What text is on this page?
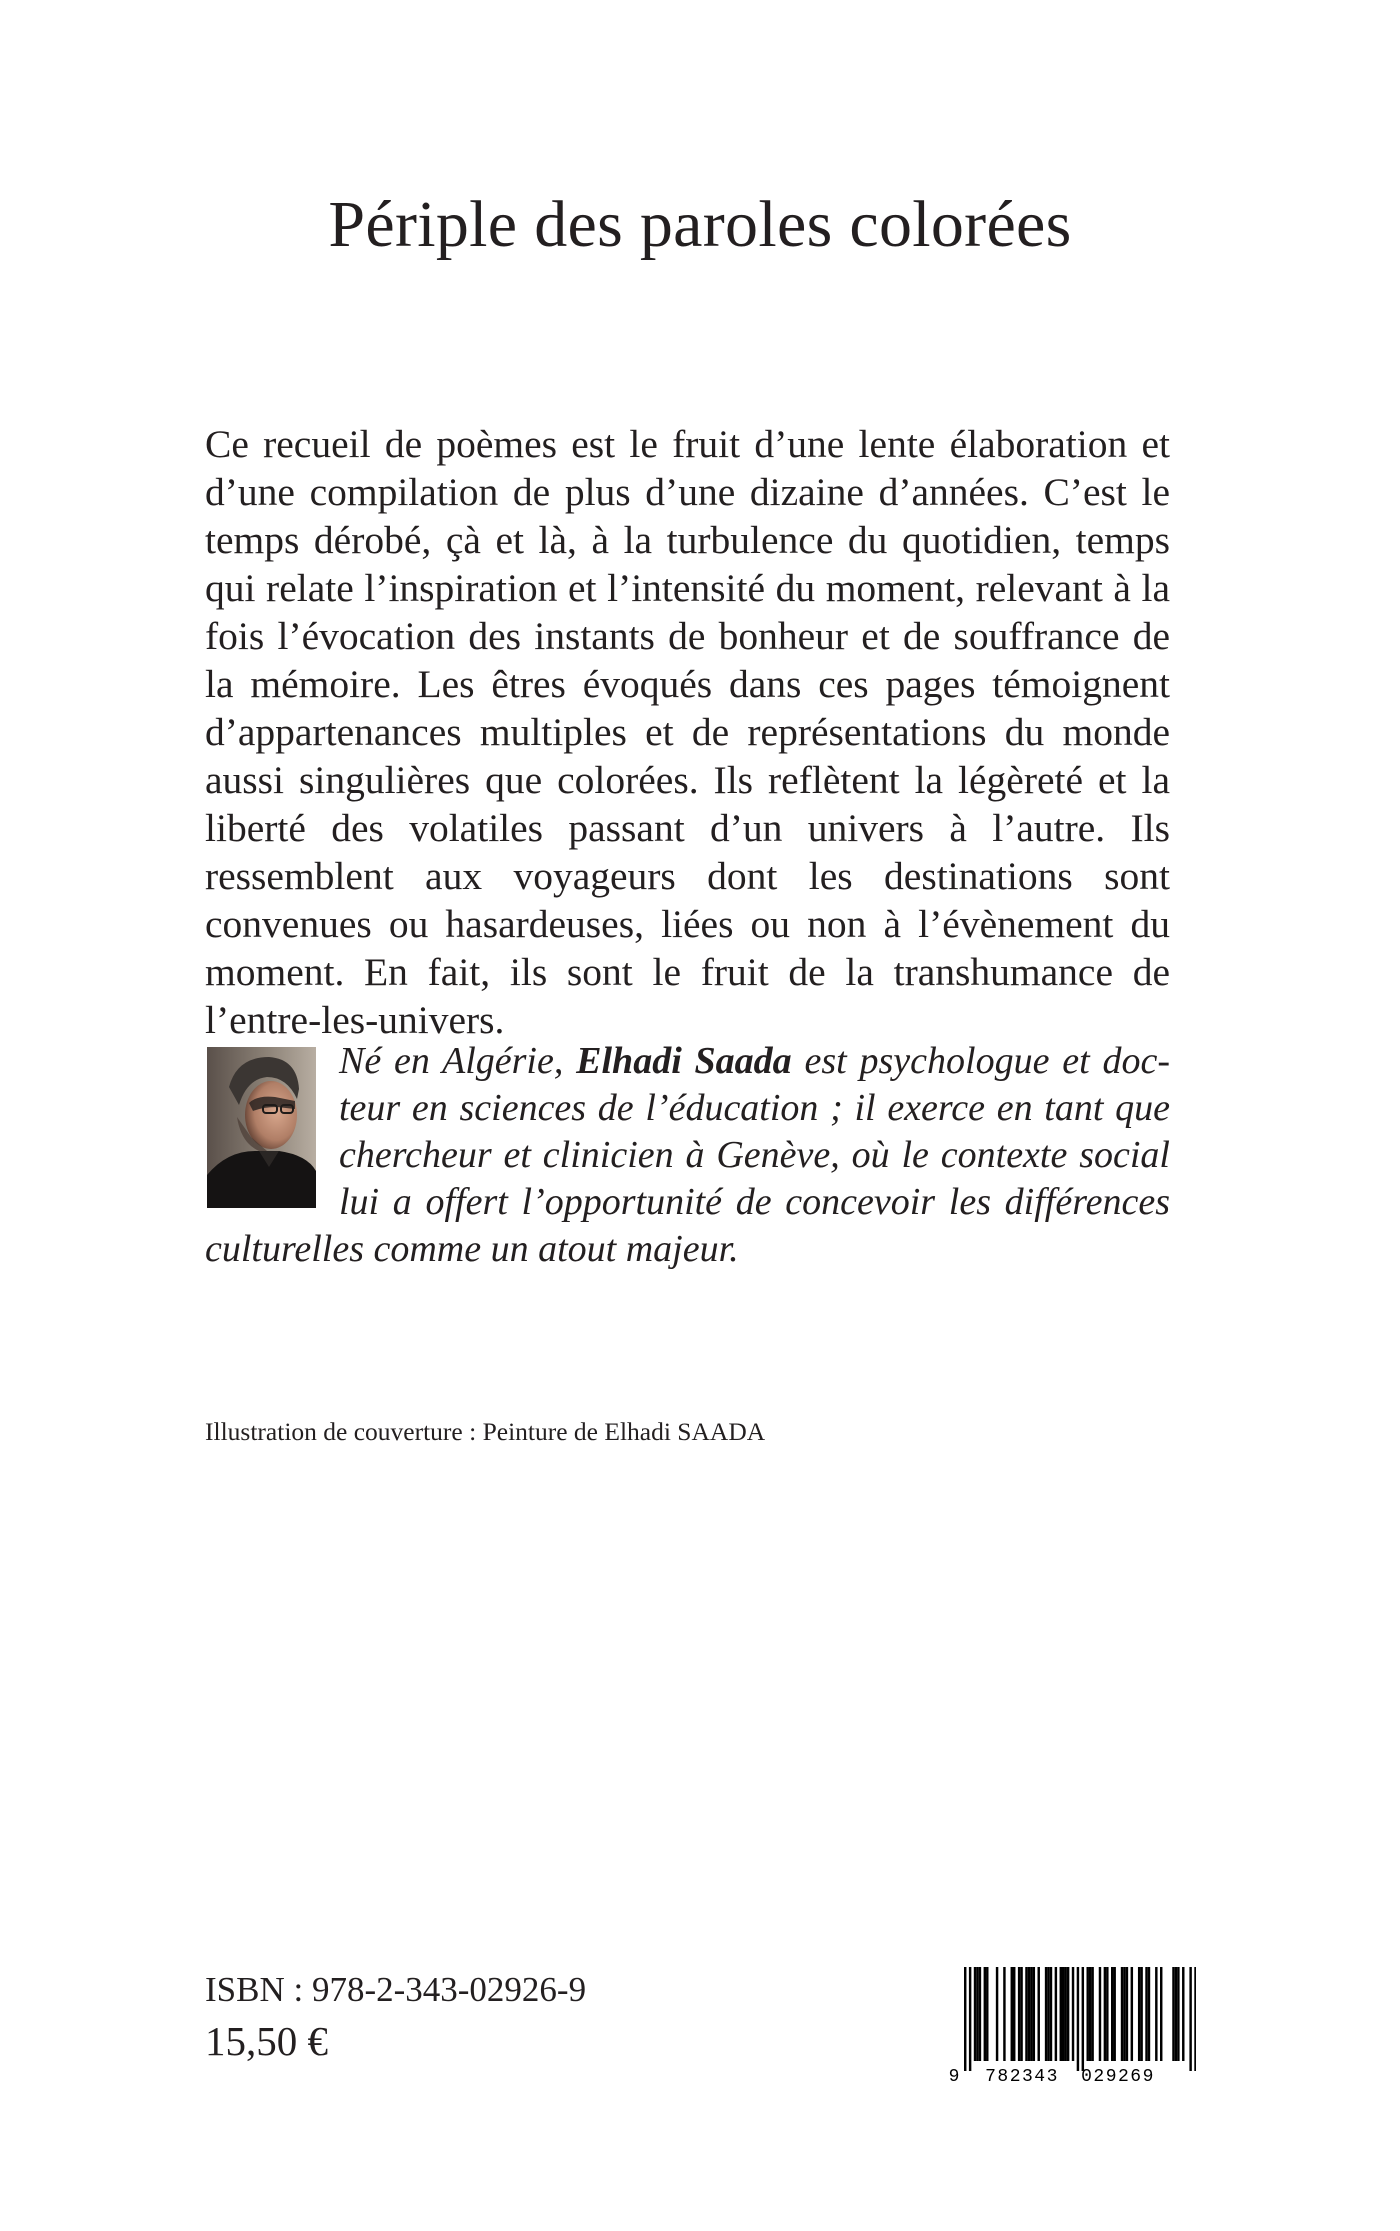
Périple des paroles colorées

Ce recueil de poèmes est le fruit d’une lente élaboration et d’une compilation de plus d’une dizaine d’années. C’est le temps dérobé, çà et là, à la turbulence du quotidien, temps qui relate l’inspiration et l’intensité du moment, relevant à la fois l’évocation des instants de bonheur et de souffrance de la mémoire. Les êtres évoqués dans ces pages témoignent d’appartenances multiples et de représentations du monde aussi singulières que colorées. Ils reflètent la légèreté et la liberté des volatiles passant d’un univers à l’autre. Ils ressemblent aux voyageurs dont les destinations sont convenues ou hasardeuses, liées ou non à l’évènement du moment. En fait, ils sont le fruit de la transhumance de l’entre-les-univers.

Né en Algérie, Elhadi Saada est psychologue et docteur en sciences de l’éducation ; il exerce en tant que chercheur et clinicien à Genève, où le contexte social lui a offert l’opportunité de concevoir les différences culturelles comme un atout majeur.

Illustration de couverture : Peinture de Elhadi SAADA

ISBN : 978-2-343-02926-9

15,50 €

9 782343 029269
